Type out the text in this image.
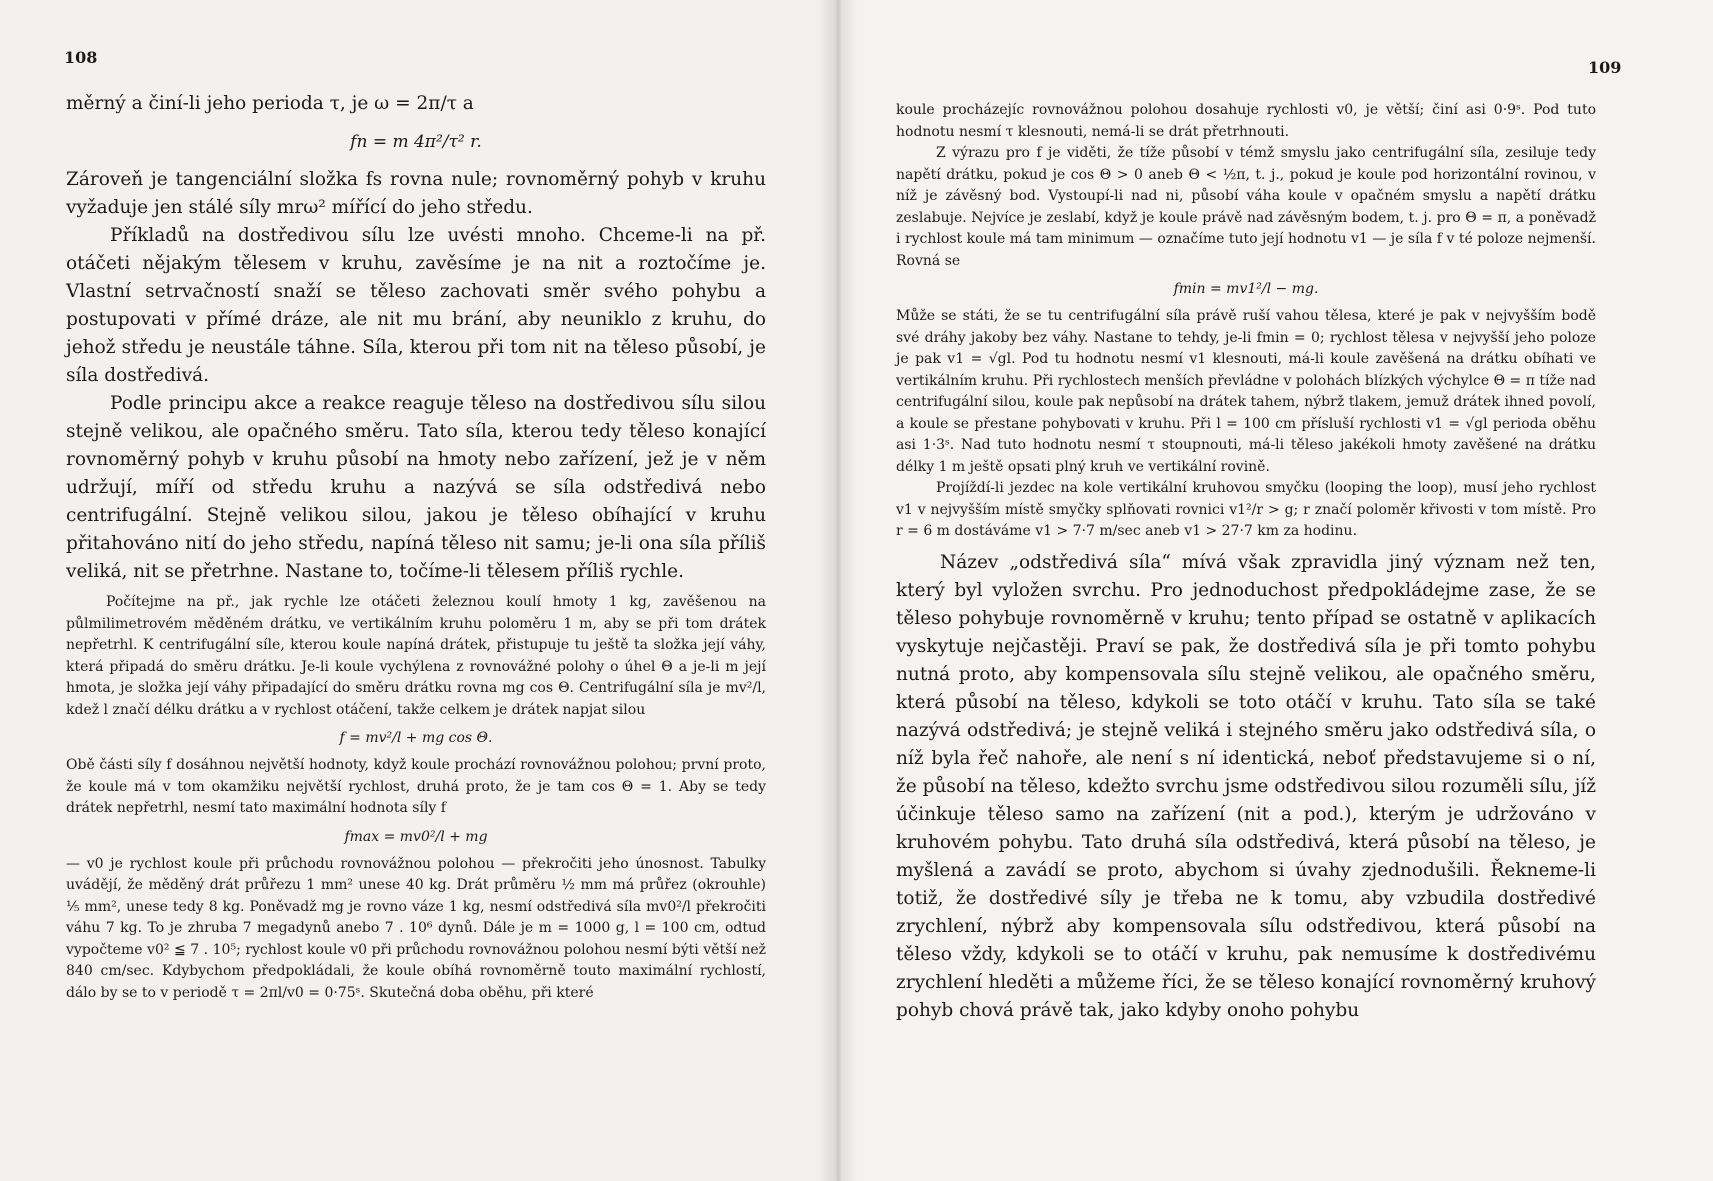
108

měrný a činí-li jeho perioda τ, je ω = 2π/τ a

fn = m 4π²/τ² r.

Zároveň je tangenciální složka fs rovna nule; rovnoměrný pohyb v kruhu vyžaduje jen stálé síly mrω² mířící do jeho středu.

Příkladů na dostředivou sílu lze uvésti mnoho. Chceme-li na př. otáčeti nějakým tělesem v kruhu, zavěsíme je na nit a roztočíme je. Vlastní setrvačností snaží se těleso zachovati směr svého pohybu a postupovati v přímé dráze, ale nit mu brání, aby neuniklo z kruhu, do jehož středu je neustále táhne. Síla, kterou při tom nit na těleso působí, je síla dostředivá.

Podle principu akce a reakce reaguje těleso na dostředivou sílu silou stejně velikou, ale opačného směru. Tato síla, kterou tedy těleso konající rovnoměrný pohyb v kruhu působí na hmoty nebo zařízení, jež je v něm udržují, míří od středu kruhu a nazývá se síla odstředivá nebo centrifugální. Stejně velikou silou, jakou je těleso obíhající v kruhu přitahováno nití do jeho středu, napíná těleso nit samu; je-li ona síla příliš veliká, nit se přetrhne. Nastane to, točíme-li tělesem příliš rychle.

Počítejme na př., jak rychle lze otáčeti železnou koulí hmoty 1 kg, zavěšenou na půlmilimetrovém měděném drátku, ve vertikálním kruhu poloměru 1 m, aby se při tom drátek nepřetrhl. K centrifugální síle, kterou koule napíná drátek, přistupuje tu ještě ta složka její váhy, která připadá do směru drátku. Je-li koule vychýlena z rovnovážné polohy o úhel Θ a je-li m její hmota, je složka její váhy připadající do směru drátku rovna mg cos Θ. Centrifugální síla je mv²/l, kdež l značí délku drátku a v rychlost otáčení, takže celkem je drátek napjat silou

f = mv²/l + mg cos Θ.

Obě části síly f dosáhnou největší hodnoty, když koule prochází rovnovážnou polohou; první proto, že koule má v tom okamžiku největší rychlost, druhá proto, že je tam cos Θ = 1. Aby se tedy drátek nepřetrhl, nesmí tato maximální hodnota síly f

fmax = mv0²/l + mg

— v0 je rychlost koule při průchodu rovnovážnou polohou — překročiti jeho únosnost. Tabulky uvádějí, že měděný drát průřezu 1 mm² unese 40 kg. Drát průměru ½ mm má průřez (okrouhle) ⅕ mm², unese tedy 8 kg. Poněvadž mg je rovno váze 1 kg, nesmí odstředivá síla mv0²/l překročiti váhu 7 kg. To je zhruba 7 megadynů anebo 7 . 10⁶ dynů. Dále je m = 1000 g, l = 100 cm, odtud vypočteme v0² ≦ 7 . 10⁵; rychlost koule v0 při průchodu rovnovážnou polohou nesmí býti větší než 840 cm/sec. Kdybychom předpokládali, že koule obíhá rovnoměrně touto maximální rychlostí, dálo by se to v periodě τ = 2πl/v0 = 0·75ˢ. Skutečná doba oběhu, při které

109

koule procházejíc rovnovážnou polohou dosahuje rychlosti v0, je větší; činí asi 0·9ˢ. Pod tuto hodnotu nesmí τ klesnouti, nemá-li se drát přetrhnouti.

Z výrazu pro f je viděti, že tíže působí v témž smyslu jako centrifugální síla, zesiluje tedy napětí drátku, pokud je cos Θ > 0 aneb Θ < ½π, t. j., pokud je koule pod horizontální rovinou, v níž je závěsný bod. Vystoupí-li nad ni, působí váha koule v opačném smyslu a napětí drátku zeslabuje. Nejvíce je zeslabí, když je koule právě nad závěsným bodem, t. j. pro Θ = π, a poněvadž i rychlost koule má tam minimum — označíme tuto její hodnotu v1 — je síla f v té poloze nejmenší. Rovná se

fmin = mv1²/l − mg.

Může se státi, že se tu centrifugální síla právě ruší vahou tělesa, které je pak v nejvyšším bodě své dráhy jakoby bez váhy. Nastane to tehdy, je-li fmin = 0; rychlost tělesa v nejvyšší jeho poloze je pak v1 = √gl. Pod tu hodnotu nesmí v1 klesnouti, má-li koule zavěšená na drátku obíhati ve vertikálním kruhu. Při rychlostech menších převládne v polohách blízkých výchylce Θ = π tíže nad centrifugální silou, koule pak nepůsobí na drátek tahem, nýbrž tlakem, jemuž drátek ihned povolí, a koule se přestane pohybovati v kruhu. Při l = 100 cm přísluší rychlosti v1 = √gl perioda oběhu asi 1·3ˢ. Nad tuto hodnotu nesmí τ stoupnouti, má-li těleso jakékoli hmoty zavěšené na drátku délky 1 m ještě opsati plný kruh ve vertikální rovině.

Projíždí-li jezdec na kole vertikální kruhovou smyčku (looping the loop), musí jeho rychlost v1 v nejvyšším místě smyčky splňovati rovnici v1²/r > g; r značí poloměr křivosti v tom místě. Pro r = 6 m dostáváme v1 > 7·7 m/sec aneb v1 > 27·7 km za hodinu.

Název „odstředivá síla“ mívá však zpravidla jiný význam než ten, který byl vyložen svrchu. Pro jednoduchost předpokládejme zase, že se těleso pohybuje rovnoměrně v kruhu; tento případ se ostatně v aplikacích vyskytuje nejčastěji. Praví se pak, že dostředivá síla je při tomto pohybu nutná proto, aby kompensovala sílu stejně velikou, ale opačného směru, která působí na těleso, kdykoli se toto otáčí v kruhu. Tato síla se také nazývá odstředivá; je stejně veliká i stejného směru jako odstředivá síla, o níž byla řeč nahoře, ale není s ní identická, neboť představujeme si o ní, že působí na těleso, kdežto svrchu jsme odstředivou silou rozuměli sílu, jíž účinkuje těleso samo na zařízení (nit a pod.), kterým je udržováno v kruhovém pohybu. Tato druhá síla odstředivá, která působí na těleso, je myšlená a zavádí se proto, abychom si úvahy zjednodušili. Řekneme-li totiž, že dostředivé síly je třeba ne k tomu, aby vzbudila dostředivé zrychlení, nýbrž aby kompensovala sílu odstředivou, která působí na těleso vždy, kdykoli se to otáčí v kruhu, pak nemusíme k dostředivému zrychlení hleděti a můžeme říci, že se těleso konající rovnoměrný kruhový pohyb chová právě tak, jako kdyby onoho pohybu
